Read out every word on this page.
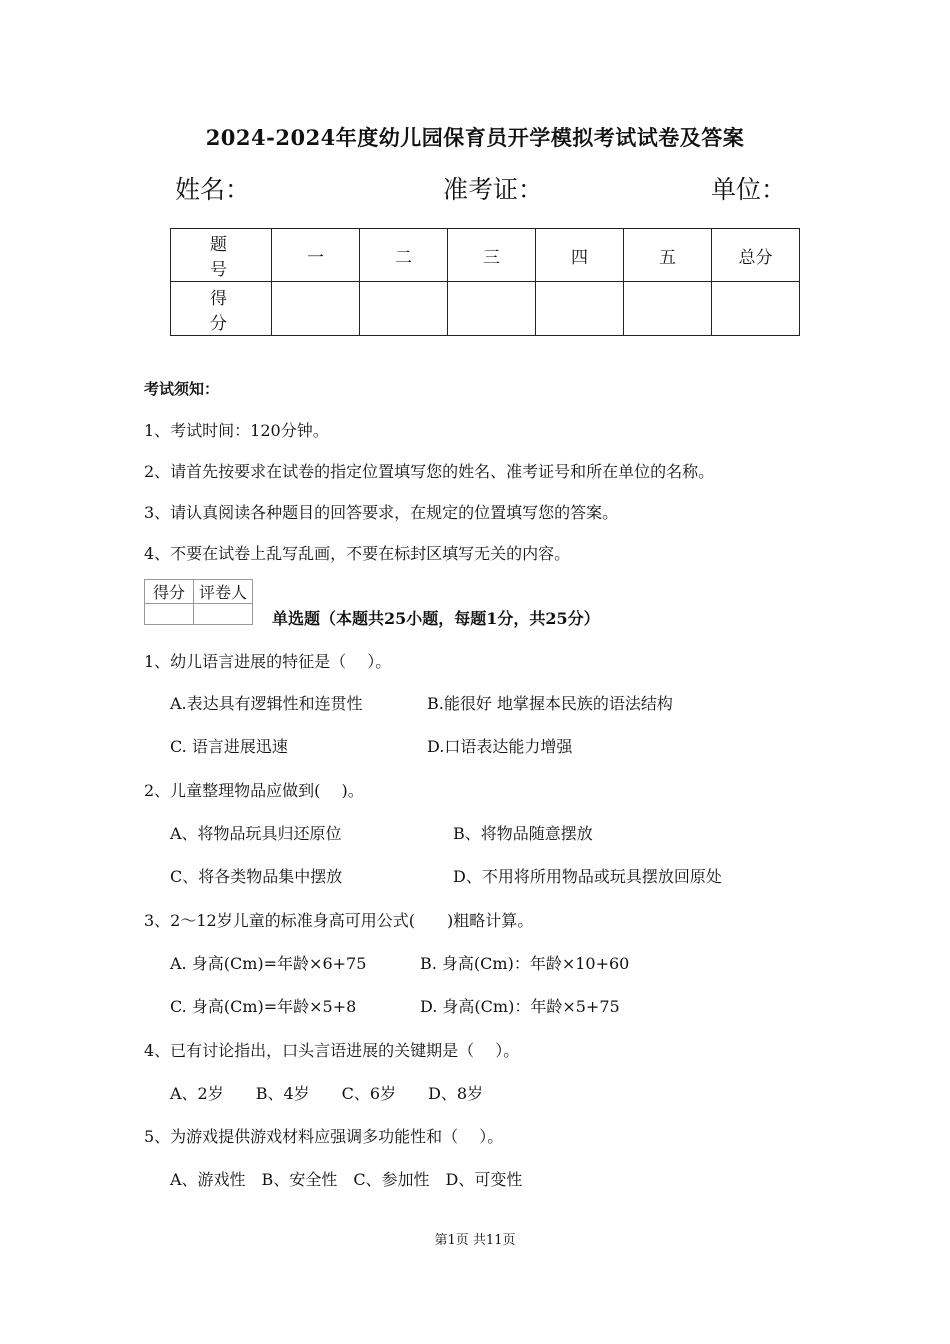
2024-2024年度幼儿园保育员开学模拟考试试卷及答案
姓名：	准考证：	单位：
题 号	一	二	三	四	五	总分
得 分						
考试须知：
1、考试时间：120分钟。
2、请首先按要求在试卷的指定位置填写您的姓名、准考证号和所在单位的名称。
3、请认真阅读各种题目的回答要求，在规定的位置填写您的答案。
4、不要在试卷上乱写乱画，不要在标封区填写无关的内容。
得分	评卷人

单选题（本题共25小题，每题1分，共25分）
1、幼儿语言进展的特征是（　 ）。
A.表达具有逻辑性和连贯性	B.能很好 地掌握本民族的语法结构
C. 语言进展迅速	D.口语表达能力增强
2、儿童整理物品应做到(　 )。
A、将物品玩具归还原位	B、将物品随意摆放
C、将各类物品集中摆放	D、不用将所用物品或玩具摆放回原处
3、2～12岁儿童的标准身高可用公式(　　)粗略计算。
A. 身高(Cm)=年龄×6+75	B. 身高(Cm)：年龄×10+60
C. 身高(Cm)=年龄×5+8	D. 身高(Cm)：年龄×5+75
4、已有讨论指出，口头言语进展的关键期是（　 ）。
A、2岁　　B、4岁　　C、6岁　　D、8岁
5、为游戏提供游戏材料应强调多功能性和（　 ）。
A、游戏性　B、安全性　C、参加性　D、可变性
第1页 共11页
